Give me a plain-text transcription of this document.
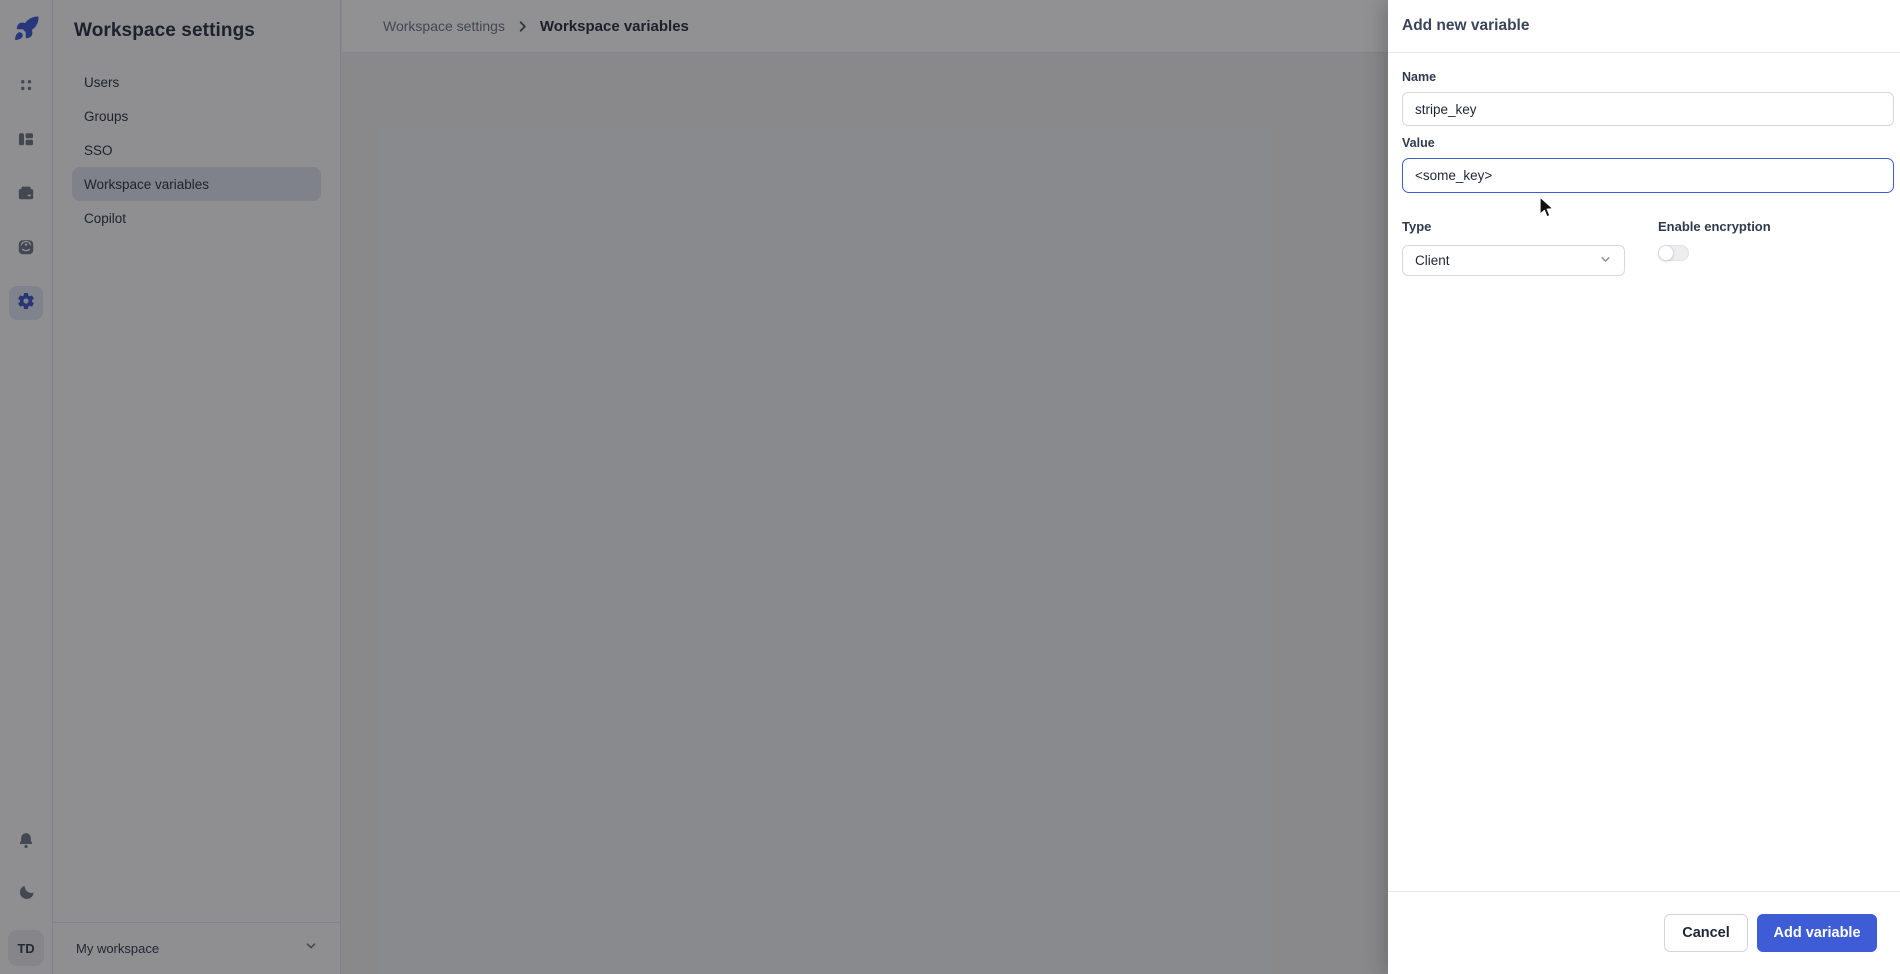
TD
Workspace settings
Users
Groups
SSO
Workspace variables
Copilot
My workspace
Workspace settings Workspace variables	Add new variable
Name
stripe_key
Value
<some_key>
Type
Client
Enable encryption
Cancel	Add variable
